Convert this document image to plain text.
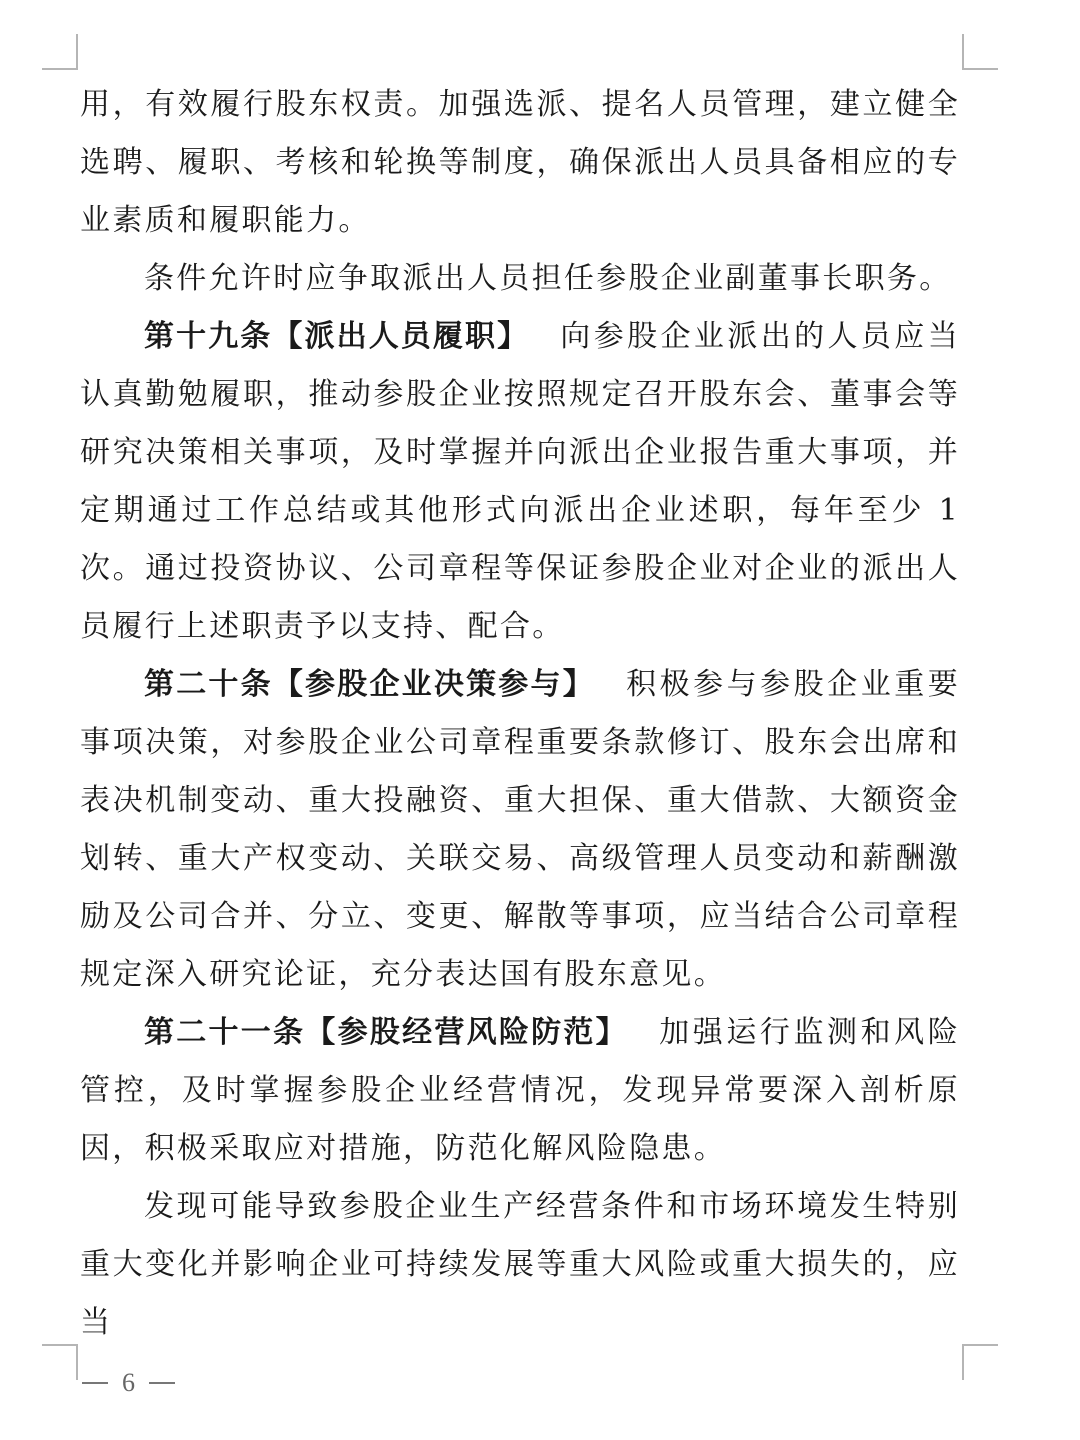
用，有效履行股东权责。加强选派、提名人员管理，建立健全选聘、履职、考核和轮换等制度，确保派出人员具备相应的专业素质和履职能力。

条件允许时应争取派出人员担任参股企业副董事长职务。

第十九条【派出人员履职】 向参股企业派出的人员应当认真勤勉履职，推动参股企业按照规定召开股东会、董事会等研究决策相关事项，及时掌握并向派出企业报告重大事项，并定期通过工作总结或其他形式向派出企业述职，每年至少 1 次。通过投资协议、公司章程等保证参股企业对企业的派出人员履行上述职责予以支持、配合。

第二十条【参股企业决策参与】 积极参与参股企业重要事项决策，对参股企业公司章程重要条款修订、股东会出席和表决机制变动、重大投融资、重大担保、重大借款、大额资金划转、重大产权变动、关联交易、高级管理人员变动和薪酬激励及公司合并、分立、变更、解散等事项，应当结合公司章程规定深入研究论证，充分表达国有股东意见。

第二十一条【参股经营风险防范】 加强运行监测和风险管控，及时掌握参股企业经营情况，发现异常要深入剖析原因，积极采取应对措施，防范化解风险隐患。

发现可能导致参股企业生产经营条件和市场环境发生特别重大变化并影响企业可持续发展等重大风险或重大损失的，应当

6
